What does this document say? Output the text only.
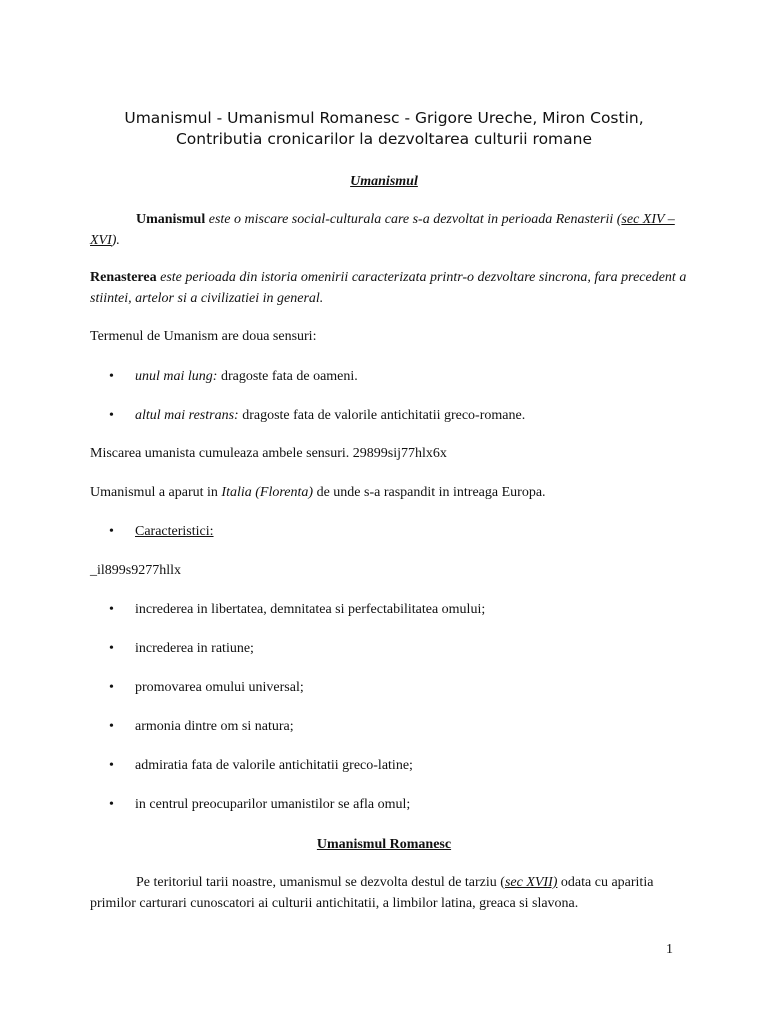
Umanismul - Umanismul Romanesc - Grigore Ureche, Miron Costin,
Contributia cronicarilor la dezvoltarea culturii romane
Umanismul
Umanismul este o miscare social-culturala care s-a dezvoltat in perioada Renasterii (sec XIV – XVI).
Renasterea este perioada din istoria omenirii caracterizata printr-o dezvoltare sincrona, fara precedent a stiintei, artelor si a civilizatiei in general.
Termenul de Umanism are doua sensuri:
• unul mai lung: dragoste fata de oameni.
• altul mai restrans: dragoste fata de valorile antichitatii greco-romane.
Miscarea umanista cumuleaza ambele sensuri. 29899sij77hlx6x
Umanismul a aparut in Italia (Florenta) de unde s-a raspandit in intreaga Europa.
• Caracteristici:
_il899s9277hllx
• increderea in libertatea, demnitatea si perfectabilitatea omului;
• increderea in ratiune;
• promovarea omului universal;
• armonia dintre om si natura;
• admiratia fata de valorile antichitatii greco-latine;
• in centrul preocuparilor umanistilor se afla omul;
Umanismul Romanesc
Pe teritoriul tarii noastre, umanismul se dezvolta destul de tarziu (sec XVII) odata cu aparitia primilor carturari cunoscatori ai culturii antichitatii, a limbilor latina, greaca si slavona.
1
